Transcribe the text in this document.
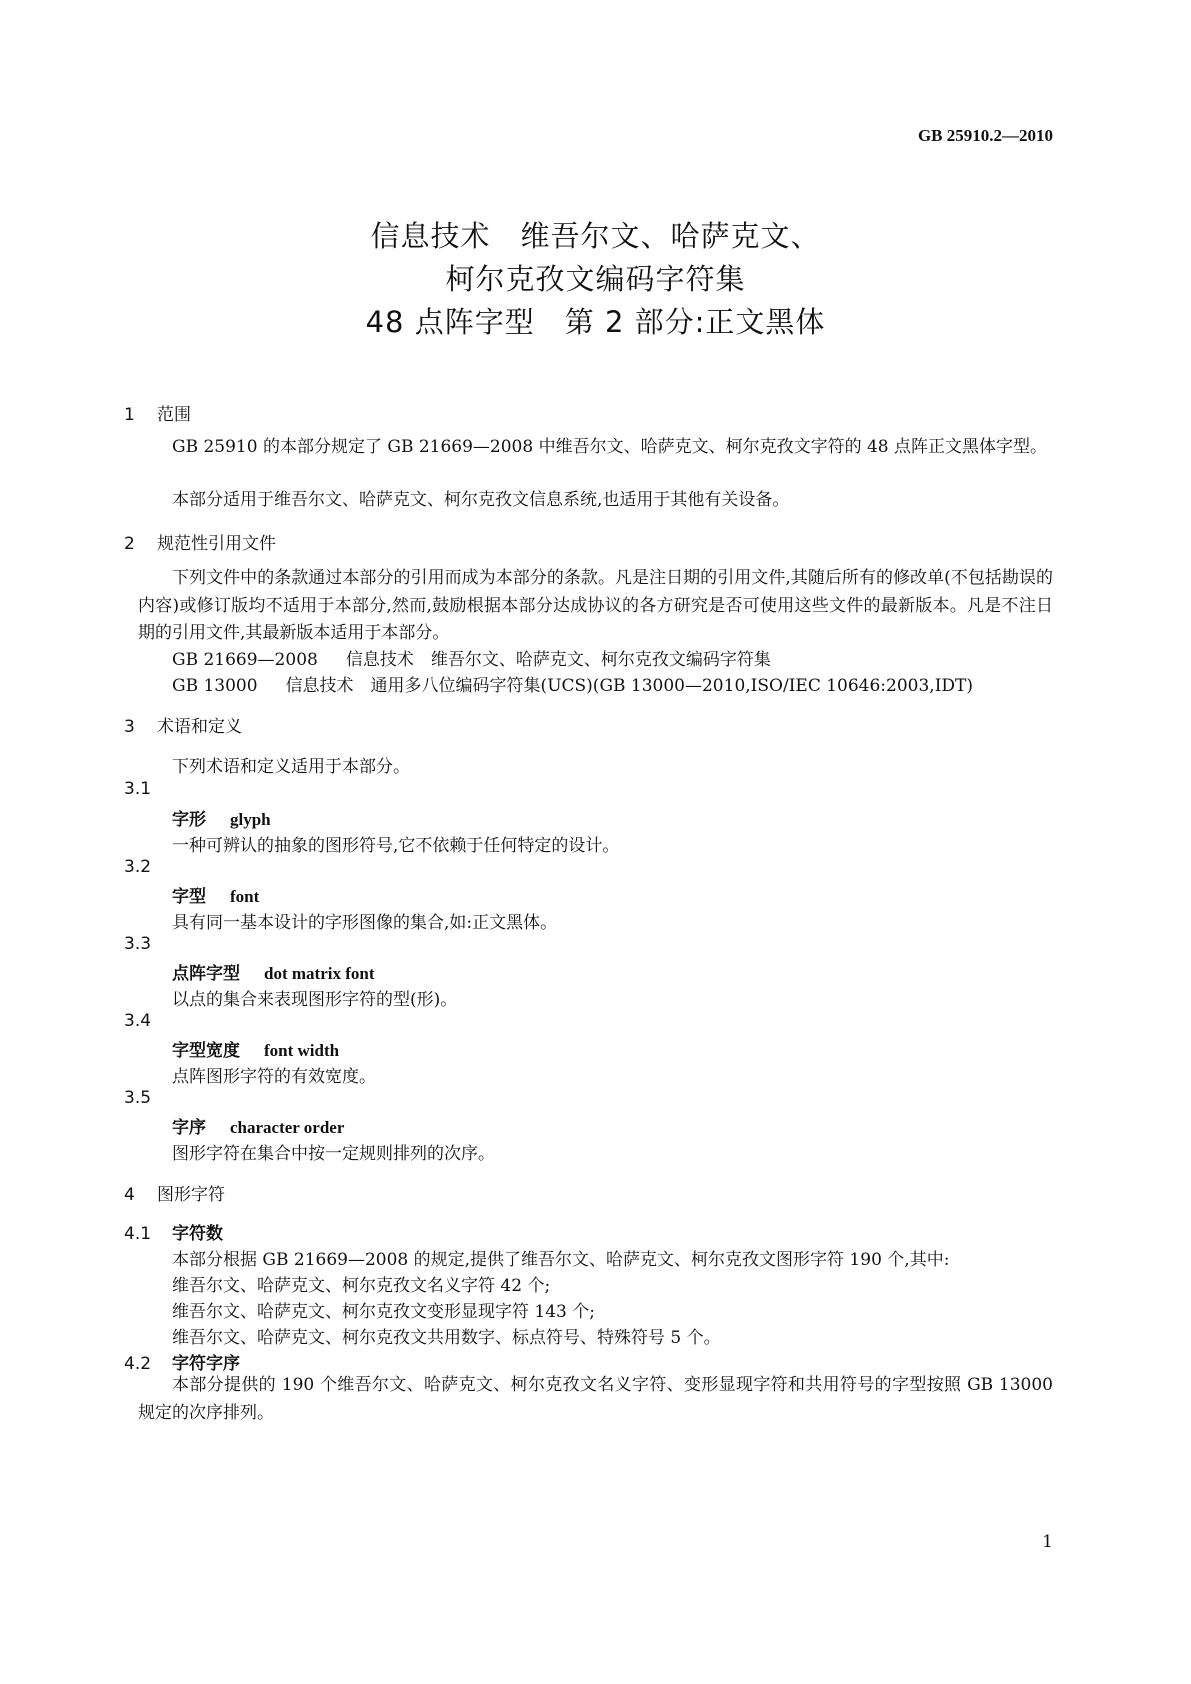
GB 25910.2—2010
信息技术　维吾尔文、哈萨克文、
柯尔克孜文编码字符集
48 点阵字型　第 2 部分:正文黑体
1 范围
GB 25910 的本部分规定了 GB 21669—2008 中维吾尔文、哈萨克文、柯尔克孜文字符的 48 点阵正文黑体字型。
本部分适用于维吾尔文、哈萨克文、柯尔克孜文信息系统,也适用于其他有关设备。
2 规范性引用文件
下列文件中的条款通过本部分的引用而成为本部分的条款。凡是注日期的引用文件,其随后所有的修改单(不包括勘误的内容)或修订版均不适用于本部分,然而,鼓励根据本部分达成协议的各方研究是否可使用这些文件的最新版本。凡是不注日期的引用文件,其最新版本适用于本部分。
GB 21669—2008 信息技术　维吾尔文、哈萨克文、柯尔克孜文编码字符集
GB 13000 信息技术　通用多八位编码字符集(UCS)(GB 13000—2010,ISO/IEC 10646:2003,IDT)
3 术语和定义
下列术语和定义适用于本部分。
3.1
字形 glyph
一种可辨认的抽象的图形符号,它不依赖于任何特定的设计。
3.2
字型 font
具有同一基本设计的字形图像的集合,如:正文黑体。
3.3
点阵字型 dot matrix font
以点的集合来表现图形字符的型(形)。
3.4
字型宽度 font width
点阵图形字符的有效宽度。
3.5
字序 character order
图形字符在集合中按一定规则排列的次序。
4 图形字符
4.1 字符数
本部分根据 GB 21669—2008 的规定,提供了维吾尔文、哈萨克文、柯尔克孜文图形字符 190 个,其中:
维吾尔文、哈萨克文、柯尔克孜文名义字符 42 个;
维吾尔文、哈萨克文、柯尔克孜文变形显现字符 143 个;
维吾尔文、哈萨克文、柯尔克孜文共用数字、标点符号、特殊符号 5 个。
4.2 字符字序
本部分提供的 190 个维吾尔文、哈萨克文、柯尔克孜文名义字符、变形显现字符和共用符号的字型按照 GB 13000 规定的次序排列。
1
